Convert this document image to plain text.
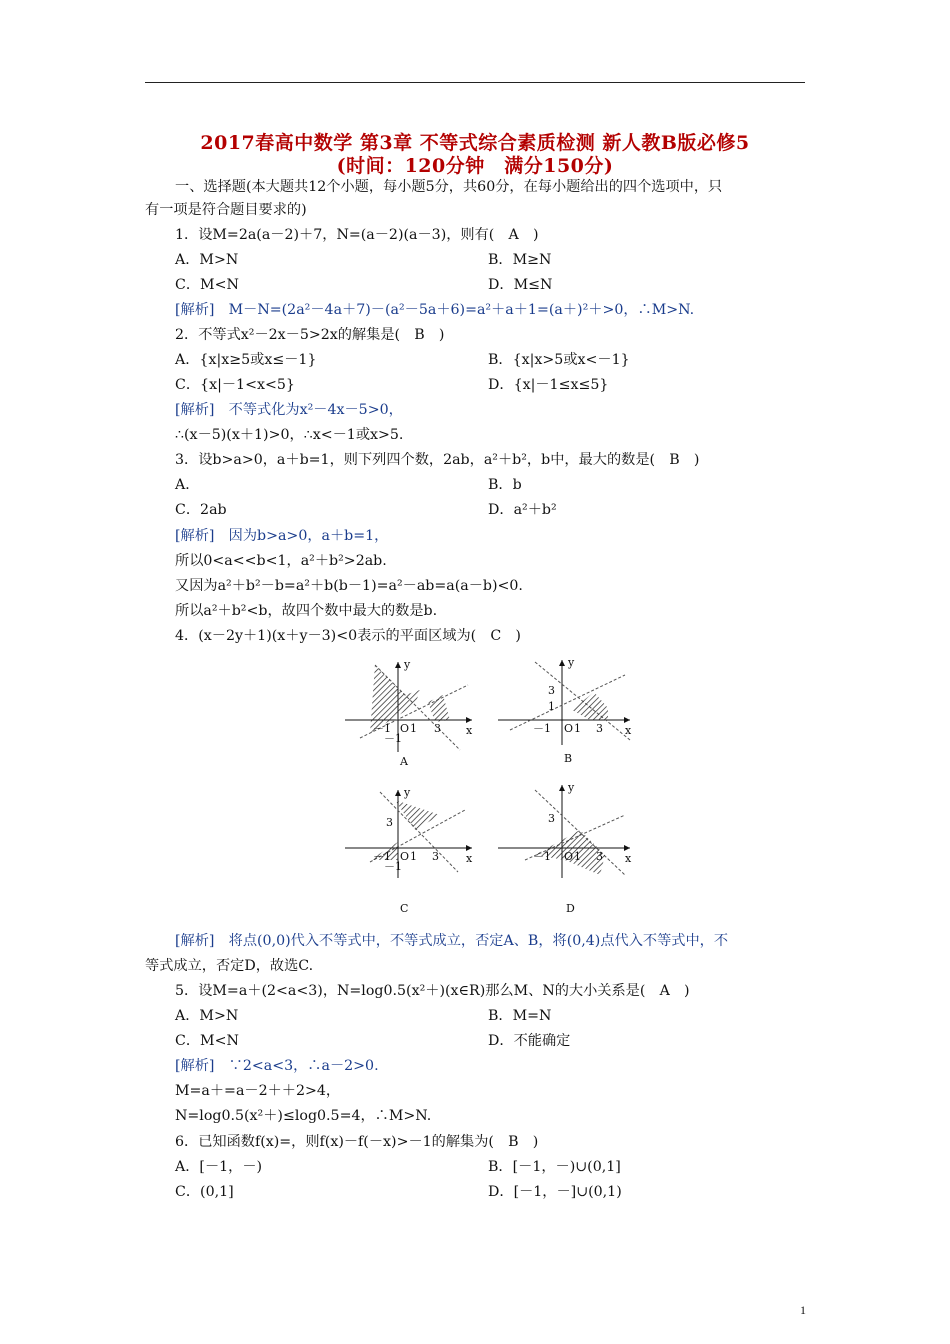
2017春高中数学 第3章 不等式综合素质检测 新人教B版必修5
(时间：120分钟　满分150分)
一、选择题(本大题共12个小题，每小题5分，共60分，在每小题给出的四个选项中，只
有一项是符合题目要求的)
1．设M=2a(a－2)＋7，N=(a－2)(a－3)，则有(　A　)
A．M>N	B．M≥N
C．M<N	D．M≤N
[解析]　M－N=(2a²－4a＋7)－(a²－5a＋6)=a²＋a＋1=(a＋)²＋>0，∴M>N.
2．不等式x²－2x－5>2x的解集是(　B　)
A．{x|x≥5或x≤－1}	B．{x|x>5或x<－1}
C．{x|－1<x<5}	D．{x|－1≤x≤5}
[解析]　不等式化为x²－4x－5>0，
∴(x－5)(x＋1)>0，∴x<－1或x>5.
3．设b>a>0，a＋b=1，则下列四个数，2ab，a²＋b²，b中，最大的数是(　B　)
A．	B．b
C．2ab	D．a²＋b²
[解析]　因为b>a>0，a＋b=1，
所以0<a<<b<1，a²＋b²>2ab.
又因为a²＋b²－b=a²＋b(b－1)=a²－ab=a(a－b)<0.
所以a²＋b²<b，故四个数中最大的数是b.
4．(x－2y＋1)(x＋y－3)<0表示的平面区域为(　C　)
y
x
－1 O 1 3
－1
A
y
x
3
1
－1 O 1 3
B
y
x
3
－1 O 1 3
－1
C
y
x
3
－1 O 1 3
D
[解析]　将点(0,0)代入不等式中，不等式成立，否定A、B，将(0,4)点代入不等式中，不
等式成立，否定D，故选C.
5．设M=a＋(2<a<3)，N=log0.5(x²＋)(x∈R)那么M、N的大小关系是(　A　)
A．M>N	B．M=N
C．M<N	D．不能确定
[解析]　∵2<a<3，∴a－2>0.
M=a＋=a－2＋＋2>4，
N=log0.5(x²＋)≤log0.5=4，∴M>N.
6．已知函数f(x)=，则f(x)－f(－x)>－1的解集为(　B　)
A．[－1，－)	B．[－1，－)∪(0,1]
C．(0,1]	D．[－1，－]∪(0,1)
1
